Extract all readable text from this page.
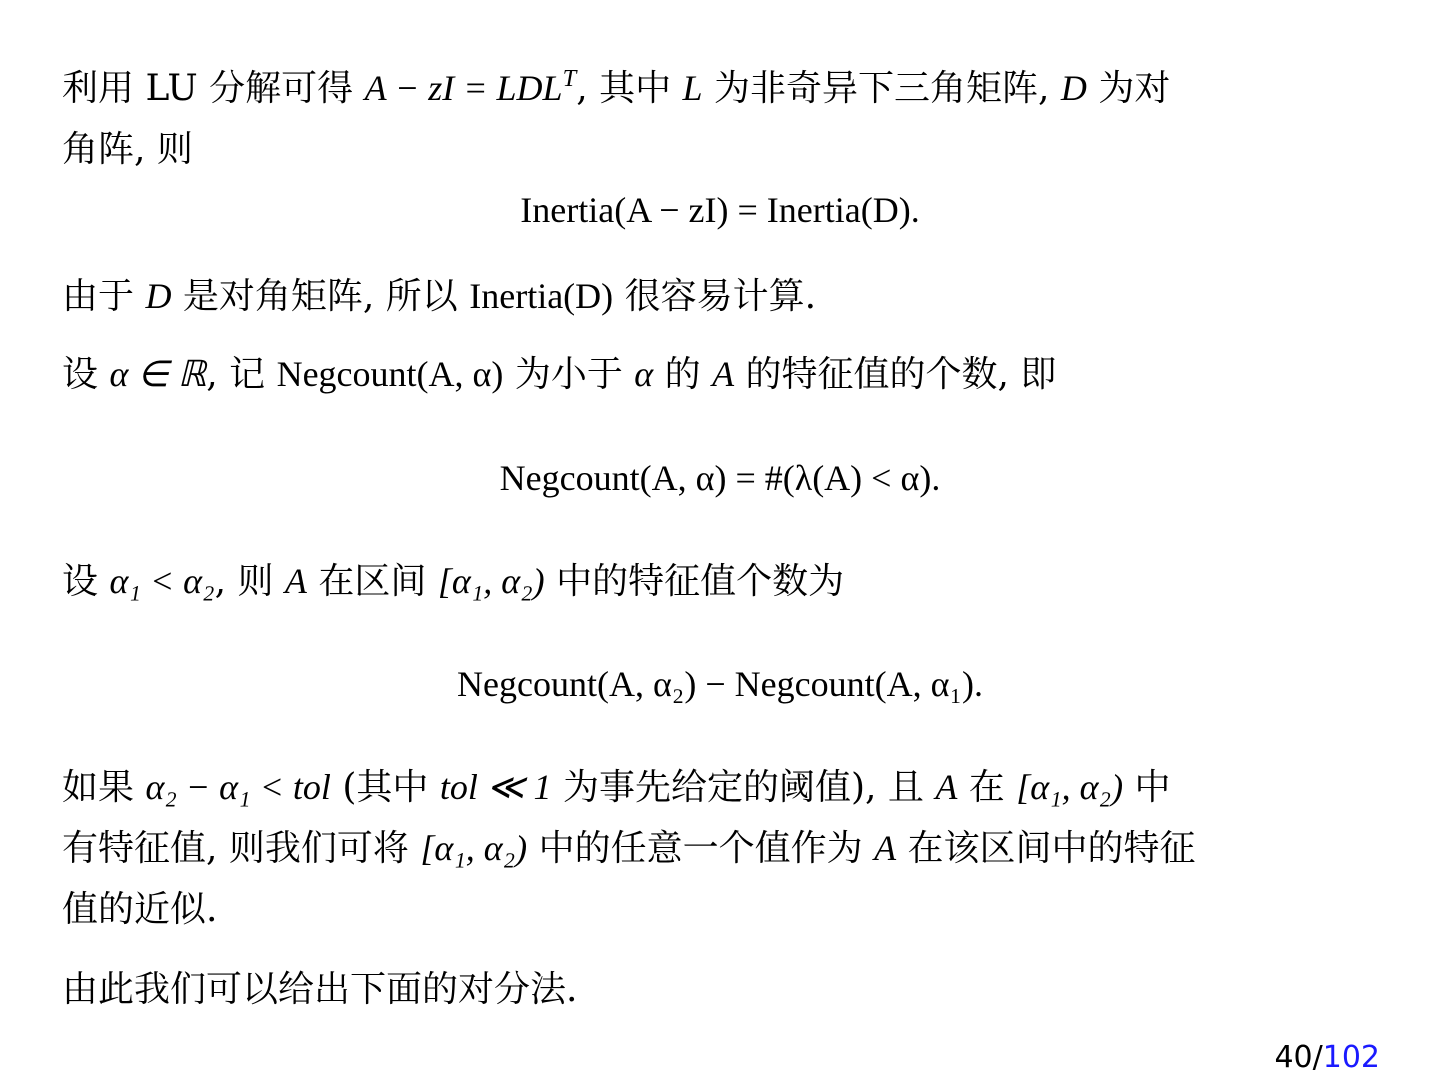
利用 LU 分解可得 A − zI = $LDL^T$, 其中 L 为非奇异下三角矩阵, D 为对
角阵, 则
Inertia(A − zI) = Inertia(D).
由于 D 是对角矩阵, 所以 Inertia(D) 很容易计算.
设 α ∈ ℝ, 记 Negcount(A, α) 为小于 α 的 A 的特征值的个数, 即
Negcount(A, α) = #(λ(A) < α).
设 α₁ < α₂, 则 A 在区间 [α₁, α₂) 中的特征值个数为
Negcount(A, α₂) − Negcount(A, α₁).
如果 α₂ − α₁ < tol (其中 tol ≪ 1 为事先给定的阈值), 且 A 在 [α₁, α₂) 中
有特征值, 则我们可将 [α₁, α₂) 中的任意一个值作为 A 在该区间中的特征
值的近似.
由此我们可以给出下面的对分法.
40/102
